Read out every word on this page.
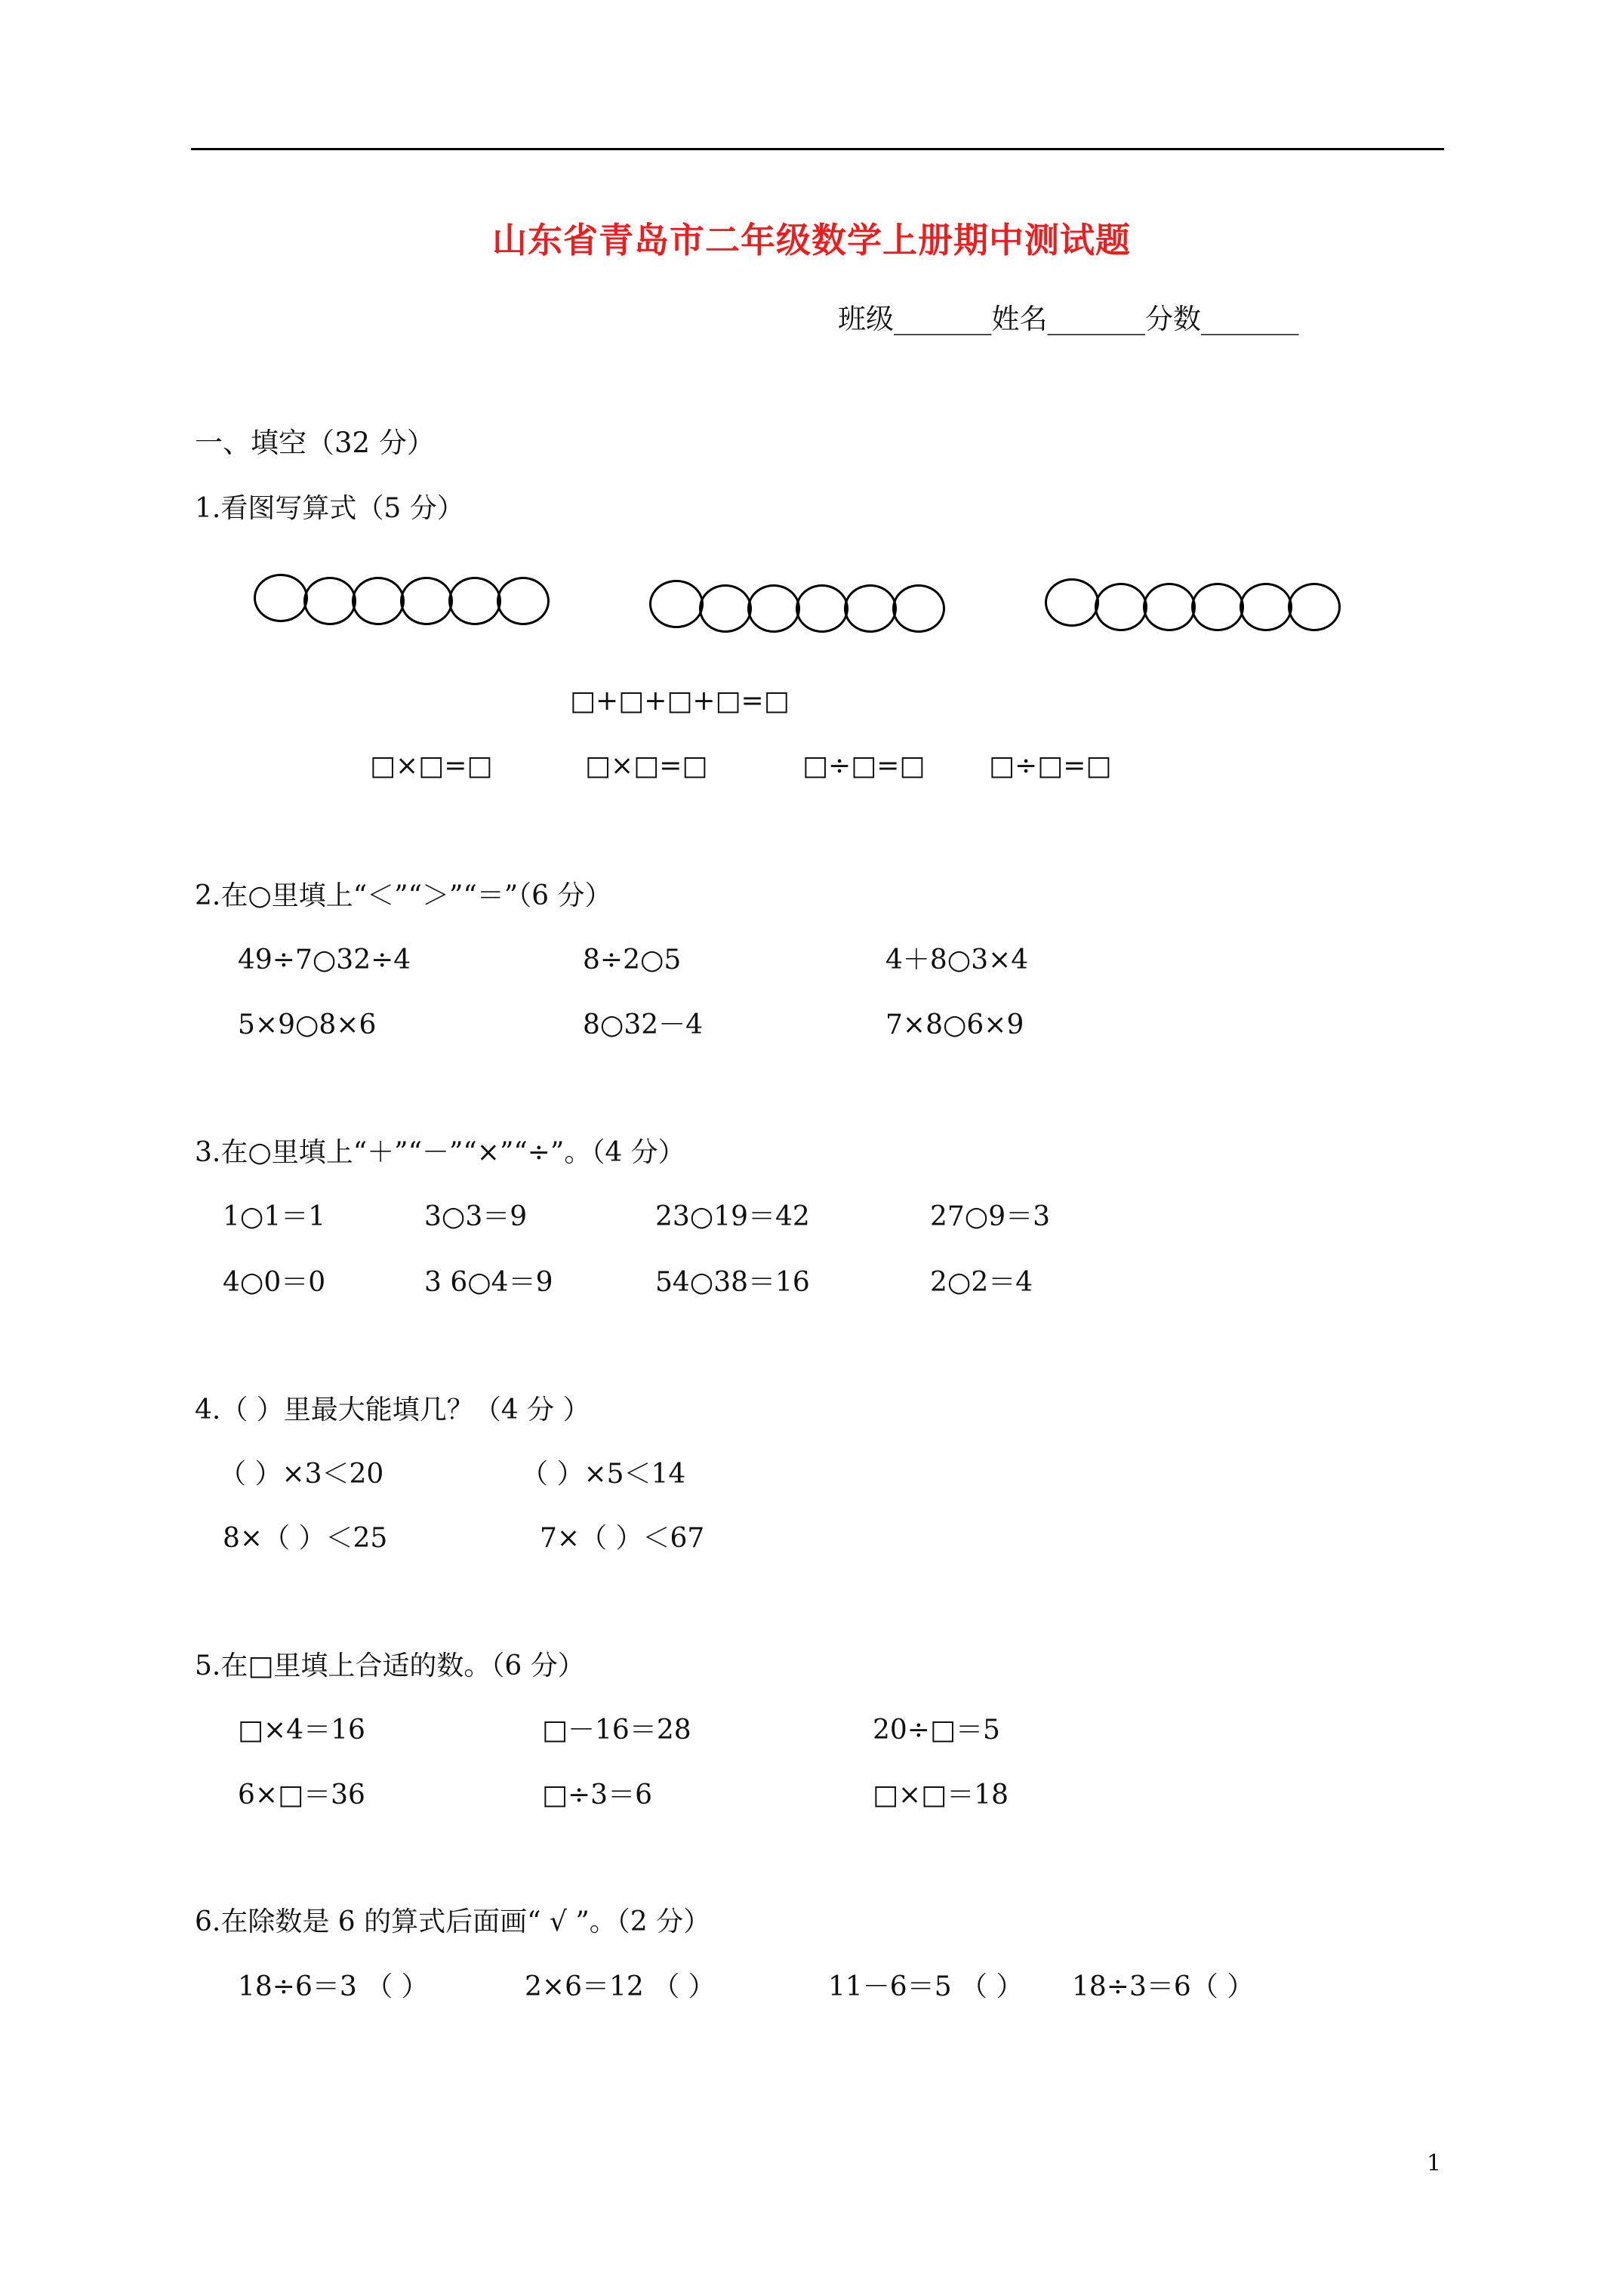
山东省青岛市二年级数学上册期中测试题
班级_______姓名_______分数_______
一、填空（32 分）
1.看图写算式（5 分）
□+□+□+□=□
□×□=□	□×□=□	□÷□=□ □÷□=□
2.在○里填上“＜”“＞”“＝”（6 分）
49÷7○32÷4	8÷2○5	4＋8○3×4
5×9○8×6	8○32－4	7×8○6×9
3.在○里填上“＋”“－”“×”“÷”。（4 分）
1○1＝1	3○3＝9	23○19＝42	27○9＝3
4○0＝0	3 6○4＝9	54○38＝16	2○2＝4
4.（ ）里最大能填几？（4 分 ）
（ ）×3＜20	（ ）×5＜14
8×（ ）＜25	7×（ ）＜67
5.在□里填上合适的数。（6 分）
□×4＝16	□－16＝28	20÷□＝5
6×□＝36	□÷3＝6	□×□＝18
6.在除数是 6 的算式后面画“ √ ”。（2 分）
18÷6＝3 （ ）	2×6＝12 （ ）	11－6＝5 （ ） 18÷3＝6（ ）
1
